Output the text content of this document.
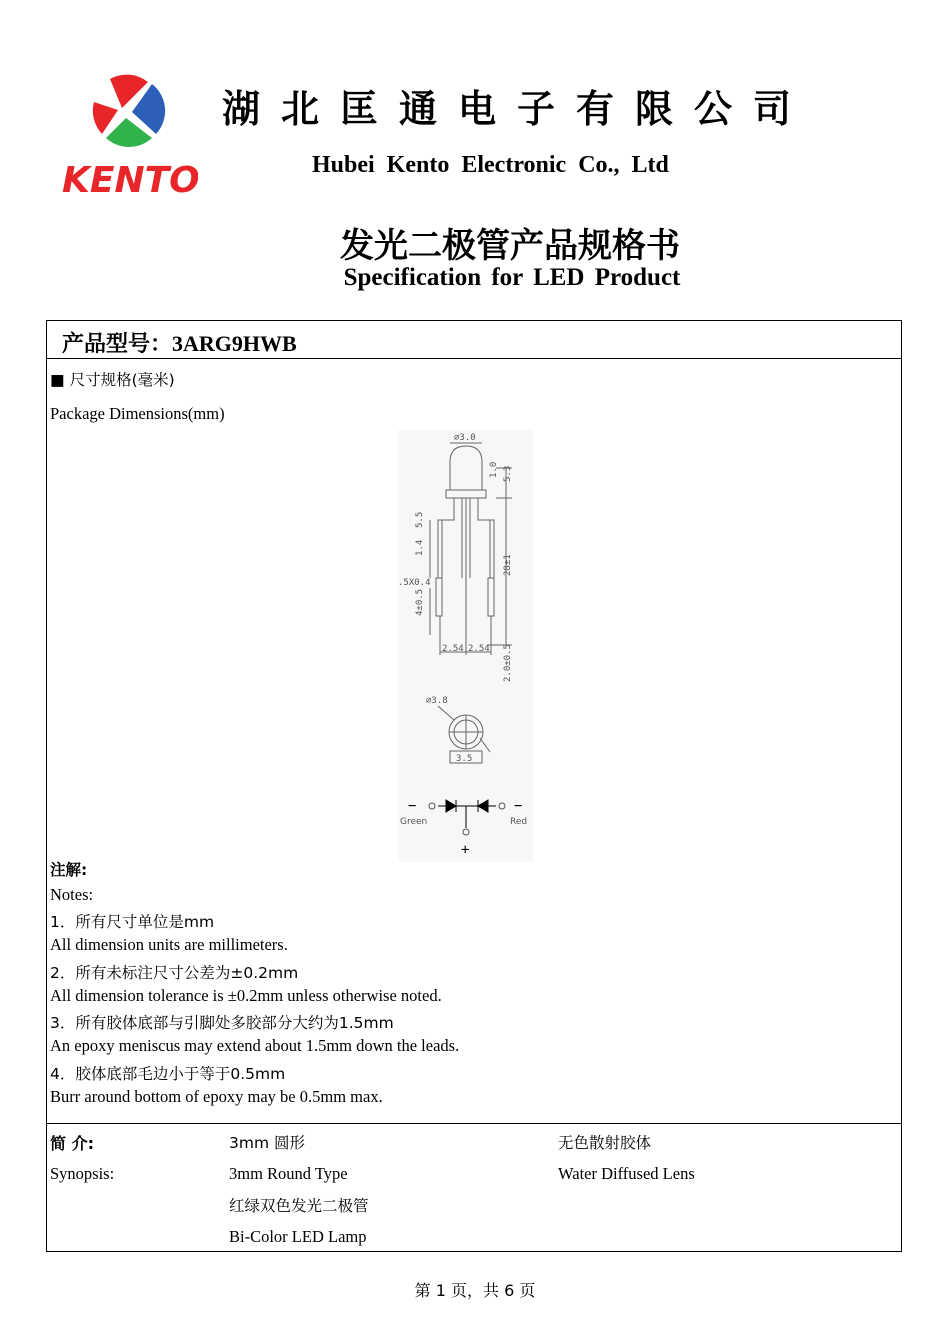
KENTO
湖北匡通电子有限公司
Hubei Kento Electronic Co., Ltd
发光二极管产品规格书
Specification for LED Product
产品型号：3ARG9HWB
■ 尺寸规格(毫米)
Package Dimensions(mm)
∅3.0
1.0 5.3
28±1
2.0±0.5
5.5
1.4
.5X0.4
4±0.5
2.54 2.54
∅3.8
3.5
−	−
Green	Red
+
注解:
Notes:
1．所有尺寸单位是mm
All dimension units are millimeters.
2．所有未标注尺寸公差为±0.2mm
All dimension tolerance is ±0.2mm unless otherwise noted.
3．所有胶体底部与引脚处多胶部分大约为1.5mm
An epoxy meniscus may extend about 1.5mm down the leads.
4．胶体底部毛边小于等于0.5mm
Burr around bottom of epoxy may be 0.5mm max.
简 介:
Synopsis:
3mm 圆形
3mm Round Type
红绿双色发光二极管
Bi-Color LED Lamp
无色散射胶体
Water Diffused Lens
第 1 页，共 6 页
